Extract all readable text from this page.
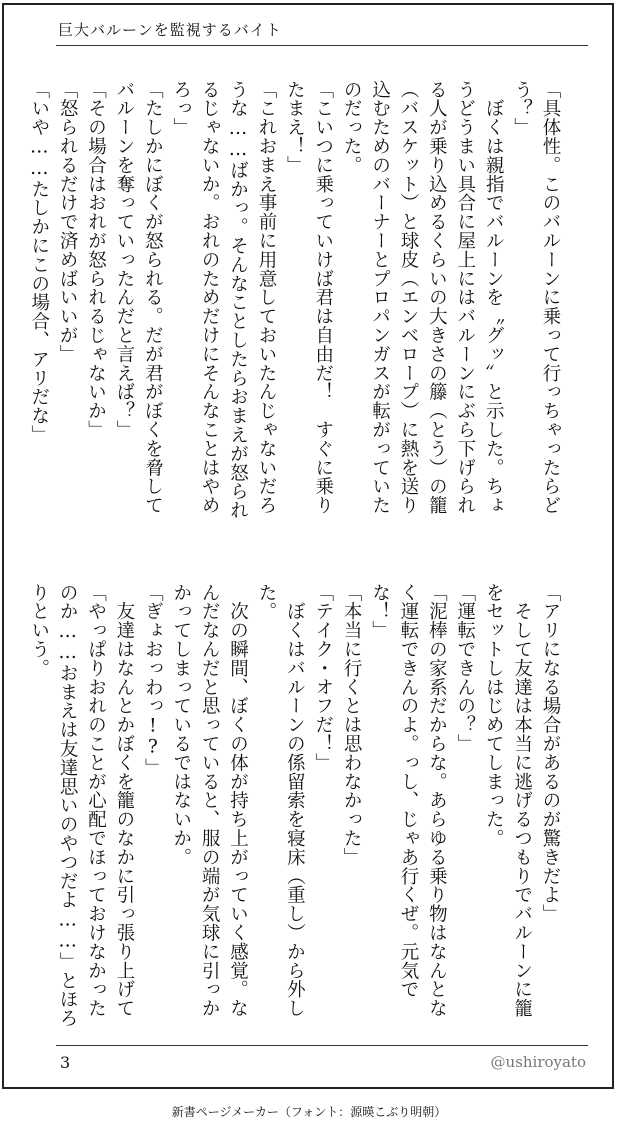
巨大バルーンを監視するバイト
「具体性。このバルーンに乗って行っちゃったらど
う？」
　ぼくは親指でバルーンを〝グッ〟と示した。ちょ
うどうまい具合に屋上にはバルーンにぶら下げられ
る人が乗り込めるくらいの大きさの籐（とう）の籠
（バスケット）と球皮（エンベロープ）に熱を送り
込むためのバーナーとプロパンガスが転がっていた
のだった。
「こいつに乗っていけば君は自由だ！　すぐに乗り
たまえ！」
「これおまえ事前に用意しておいたんじゃないだろ
うな……ばかっ。そんなことしたらおまえが怒られ
るじゃないか。おれのためだけにそんなことはやめ
ろっ」
「たしかにぼくが怒られる。だが君がぼくを脅して
バルーンを奪っていったんだと言えば？」
「その場合はおれが怒られるじゃないか」
「怒られるだけで済めばいいが」
「いや……たしかにこの場合、アリだな」
「アリになる場合があるのが驚きだよ」
　そして友達は本当に逃げるつもりでバルーンに籠
をセットしはじめてしまった。
「運転できんの？」
「泥棒の家系だからな。あらゆる乗り物はなんとな
く運転できんのよ。っし、じゃあ行くぜ。元気で
な！」
「本当に行くとは思わなかった」
「テイク・オフだ！」
　ぼくはバルーンの係留索を寝床（重し）から外し
た。
　次の瞬間、ぼくの体が持ち上がっていく感覚。な
んだなんだと思っていると、服の端が気球に引っか
かってしまっているではないか。
「ぎょおっわっ!?」
　友達はなんとかぼくを籠のなかに引っ張り上げて
「やっぱりおれのことが心配でほっておけなかった
のか……おまえは友達思いのやつだよ……」とほろ
りという。
3	@ushiroyato
新書ページメーカー（フォント：源暎こぶり明朝）
